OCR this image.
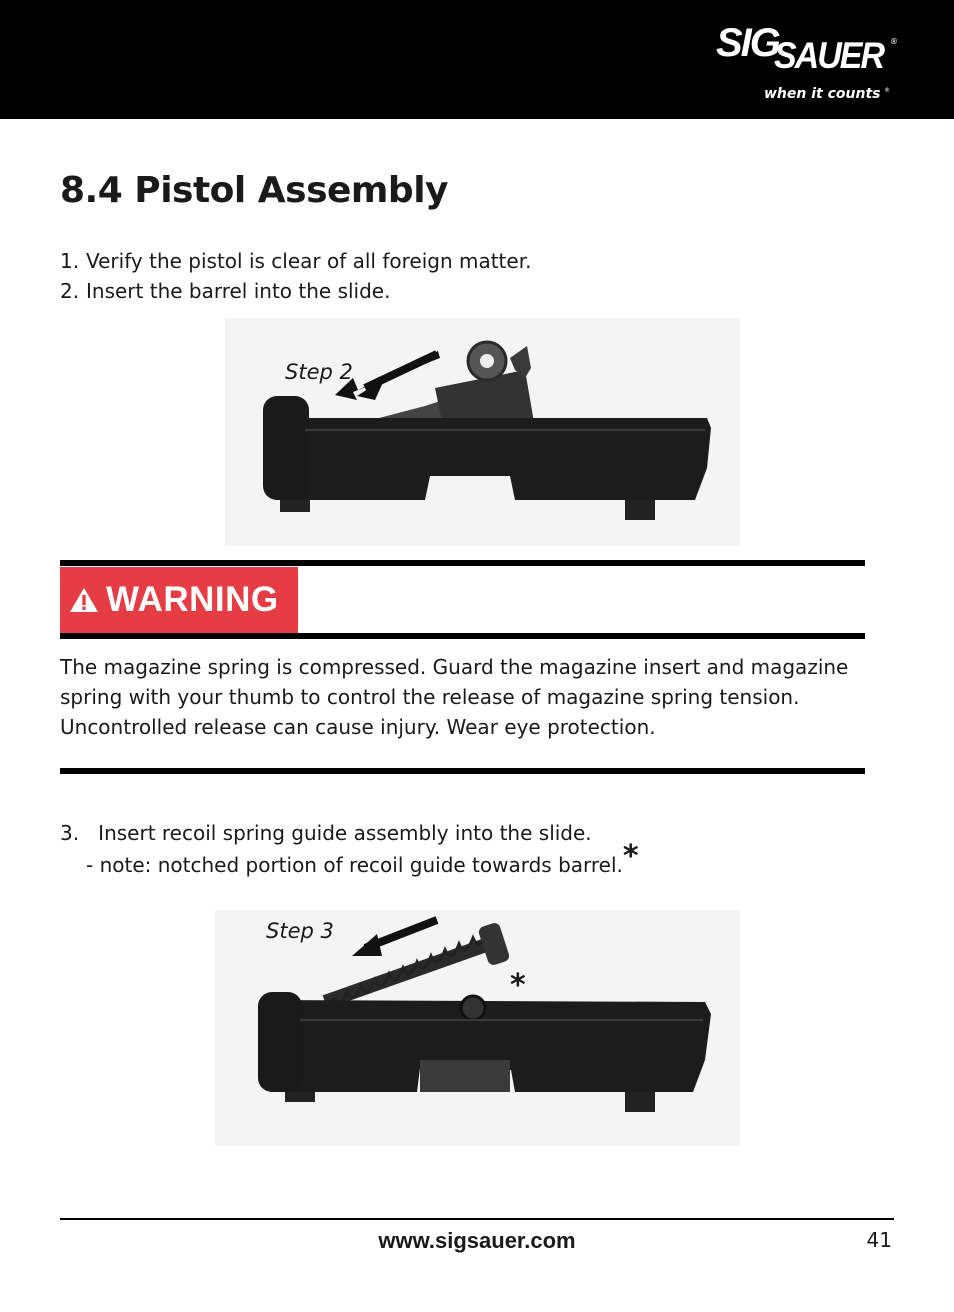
SIG
SAUER ®
when it counts ®
8.4 Pistol Assembly
1. Verify the pistol is clear of all foreign matter.
2. Insert the barrel into the slide.
Step 2
WARNING

The magazine spring is compressed. Guard the magazine insert and magazine spring with your thumb to control the release of magazine spring tension. Uncontrolled release can cause injury. Wear eye protection.

3. Insert recoil spring guide assembly into the slide.
- note: notched portion of recoil guide towards barrel.*
Step 3
*
www.sigsauer.com	41
